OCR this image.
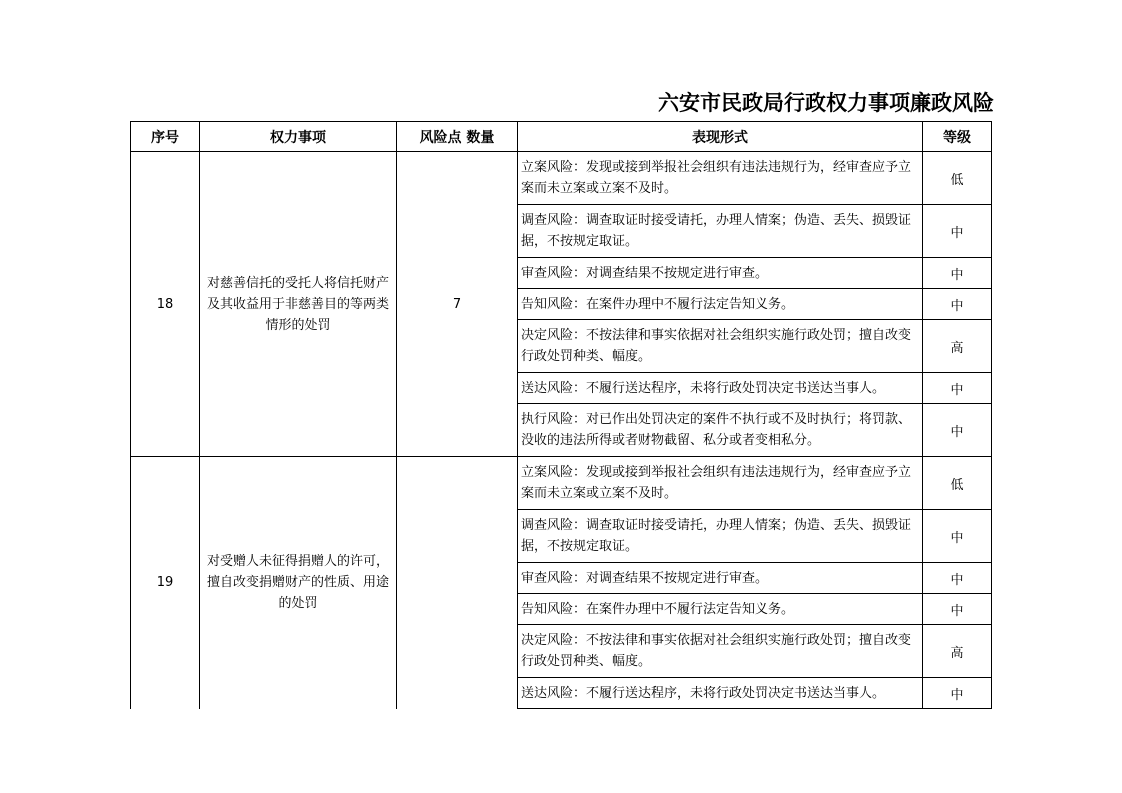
六安市民政局行政权力事项廉政风险
序号	权力事项	风险点 数量	表现形式	等级
18	对慈善信托的受托人将信托财产及其收益用于非慈善目的等两类情形的处罚	7	立案风险：发现或接到举报社会组织有违法违规行为，经审查应予立案而未立案或立案不及时。	低
			调查风险：调查取证时接受请托，办理人情案；伪造、丢失、损毁证据，不按规定取证。	中
			审查风险：对调查结果不按规定进行审查。	中
			告知风险：在案件办理中不履行法定告知义务。	中
			决定风险：不按法律和事实依据对社会组织实施行政处罚；擅自改变行政处罚种类、幅度。	高
			送达风险：不履行送达程序，未将行政处罚决定书送达当事人。	中
			执行风险：对已作出处罚决定的案件不执行或不及时执行；将罚款、没收的违法所得或者财物截留、私分或者变相私分。	中
19	对受赠人未征得捐赠人的许可，擅自改变捐赠财产的性质、用途的处罚		立案风险：发现或接到举报社会组织有违法违规行为，经审查应予立案而未立案或立案不及时。	低
			调查风险：调查取证时接受请托，办理人情案；伪造、丢失、损毁证据，不按规定取证。	中
			审查风险：对调查结果不按规定进行审查。	中
			告知风险：在案件办理中不履行法定告知义务。	中
			决定风险：不按法律和事实依据对社会组织实施行政处罚；擅自改变行政处罚种类、幅度。	高
			送达风险：不履行送达程序，未将行政处罚决定书送达当事人。	中
